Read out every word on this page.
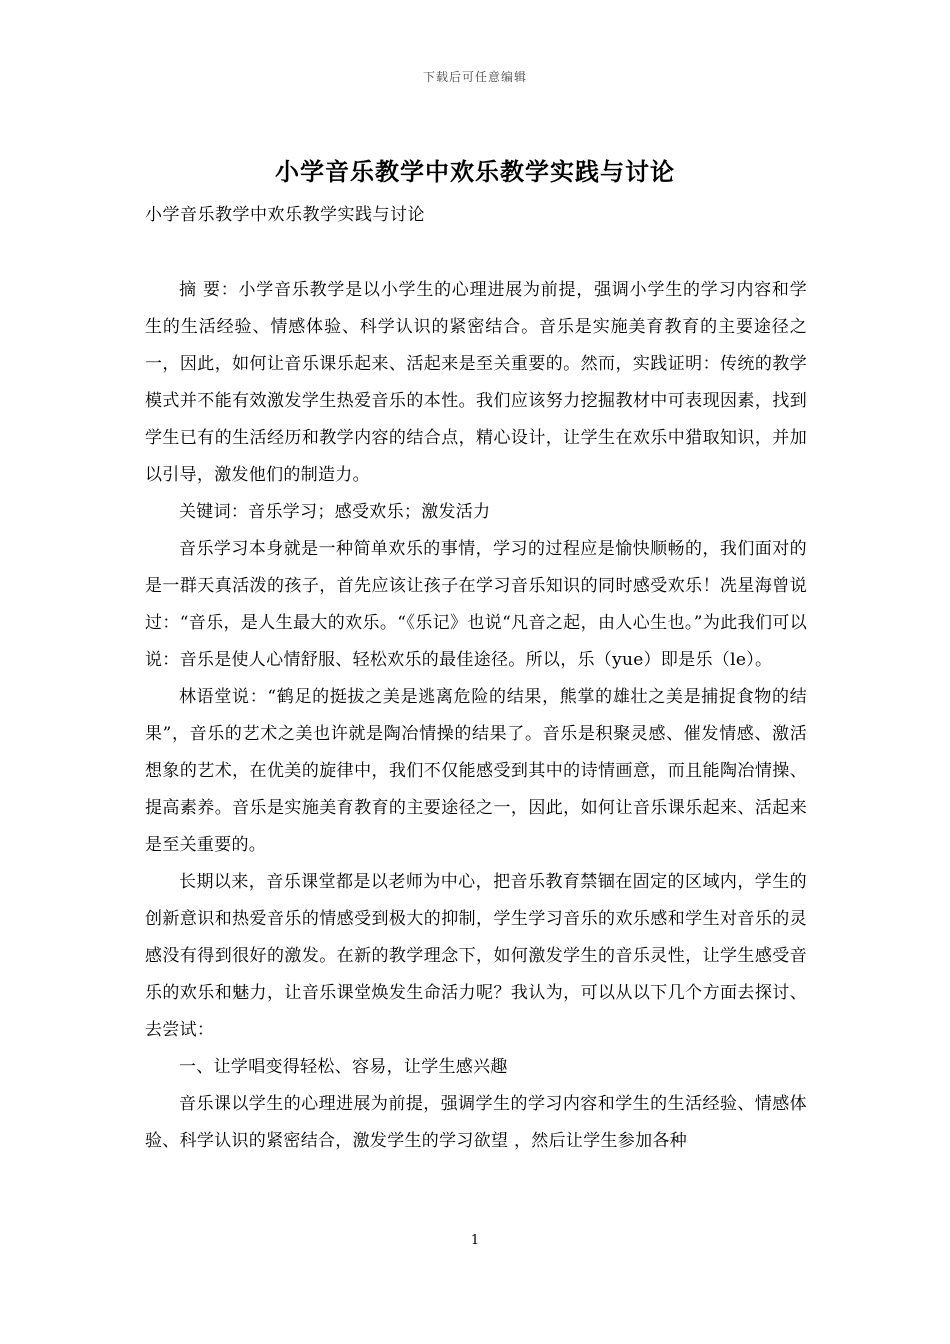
下载后可任意编辑
小学音乐教学中欢乐教学实践与讨论
小学音乐教学中欢乐教学实践与讨论

摘 要：小学音乐教学是以小学生的心理进展为前提，强调小学生的学习内容和学生的生活经验、情感体验、科学认识的紧密结合。音乐是实施美育教育的主要途径之一，因此，如何让音乐课乐起来、活起来是至关重要的。然而，实践证明：传统的教学模式并不能有效激发学生热爱音乐的本性。我们应该努力挖掘教材中可表现因素，找到学生已有的生活经历和教学内容的结合点，精心设计，让学生在欢乐中猎取知识，并加以引导，激发他们的制造力。

关键词：音乐学习；感受欢乐；激发活力

音乐学习本身就是一种简单欢乐的事情，学习的过程应是愉快顺畅的，我们面对的是一群天真活泼的孩子，首先应该让孩子在学习音乐知识的同时感受欢乐！冼星海曾说过：“音乐，是人生最大的欢乐。“《乐记》也说“凡音之起，由人心生也。”为此我们可以说：音乐是使人心情舒服、轻松欢乐的最佳途径。所以，乐（yue）即是乐（le）。

林语堂说：“鹤足的挺拔之美是逃离危险的结果，熊掌的雄壮之美是捕捉食物的结果”，音乐的艺术之美也许就是陶冶情操的结果了。音乐是积聚灵感、催发情感、激活想象的艺术，在优美的旋律中，我们不仅能感受到其中的诗情画意，而且能陶冶情操、提高素养。音乐是实施美育教育的主要途径之一，因此，如何让音乐课乐起来、活起来是至关重要的。

长期以来，音乐课堂都是以老师为中心，把音乐教育禁锢在固定的区域内，学生的创新意识和热爱音乐的情感受到极大的抑制，学生学习音乐的欢乐感和学生对音乐的灵感没有得到很好的激发。在新的教学理念下，如何激发学生的音乐灵性，让学生感受音乐的欢乐和魅力，让音乐课堂焕发生命活力呢？我认为，可以从以下几个方面去探讨、去尝试：

一、让学唱变得轻松、容易，让学生感兴趣

音乐课以学生的心理进展为前提，强调学生的学习内容和学生的生活经验、情感体验、科学认识的紧密结合，激发学生的学习欲望 ，然后让学生参加各种

1
